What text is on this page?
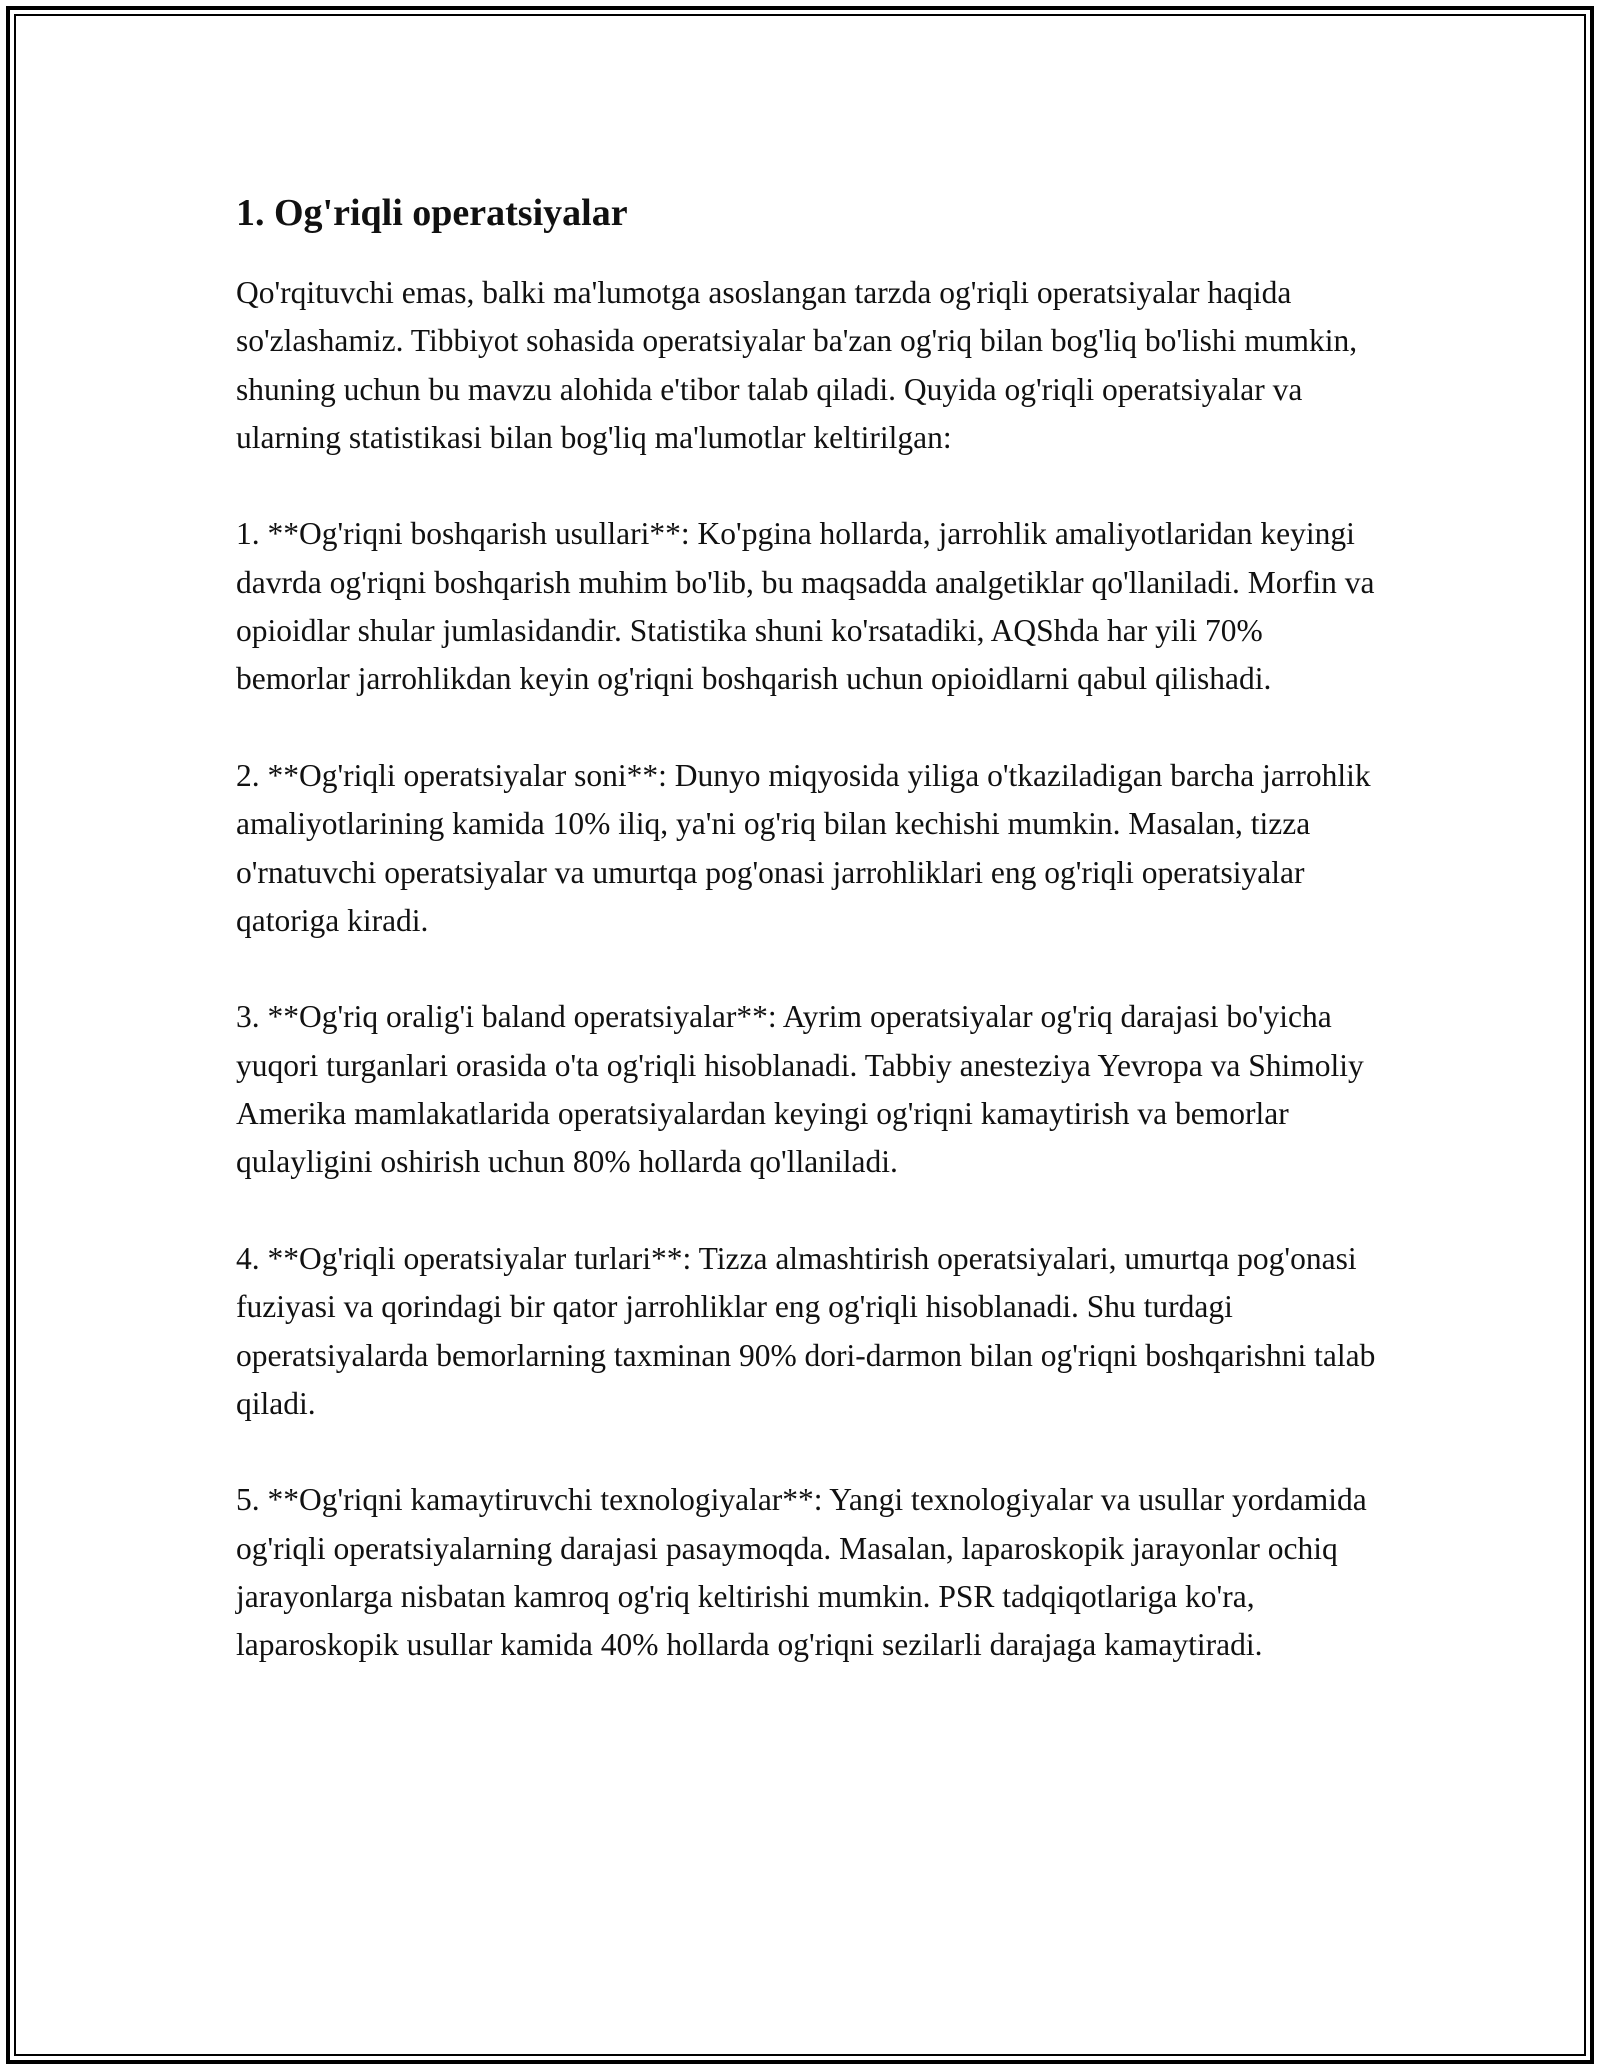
1. Og'riqli operatsiyalar

Qo'rqituvchi emas, balki ma'lumotga asoslangan tarzda og'riqli operatsiyalar haqida so'zlashamiz. Tibbiyot sohasida operatsiyalar ba'zan og'riq bilan bog'liq bo'lishi mumkin, shuning uchun bu mavzu alohida e'tibor talab qiladi. Quyida og'riqli operatsiyalar va ularning statistikasi bilan bog'liq ma'lumotlar keltirilgan:

1. **Og'riqni boshqarish usullari**: Ko'pgina hollarda, jarrohlik amaliyotlaridan keyingi davrda og'riqni boshqarish muhim bo'lib, bu maqsadda analgetiklar qo'llaniladi. Morfin va opioidlar shular jumlasidandir. Statistika shuni ko'rsatadiki, AQShda har yili 70% bemorlar jarrohlikdan keyin og'riqni boshqarish uchun opioidlarni qabul qilishadi.

2. **Og'riqli operatsiyalar soni**: Dunyo miqyosida yiliga o'tkaziladigan barcha jarrohlik amaliyotlarining kamida 10% iliq, ya'ni og'riq bilan kechishi mumkin. Masalan, tizza o'rnatuvchi operatsiyalar va umurtqa pog'onasi jarrohliklari eng og'riqli operatsiyalar qatoriga kiradi.

3. **Og'riq oralig'i baland operatsiyalar**: Ayrim operatsiyalar og'riq darajasi bo'yicha yuqori turganlari orasida o'ta og'riqli hisoblanadi. Tabbiy anesteziya Yevropa va Shimoliy Amerika mamlakatlarida operatsiyalardan keyingi og'riqni kamaytirish va bemorlar qulayligini oshirish uchun 80% hollarda qo'llaniladi.

4. **Og'riqli operatsiyalar turlari**: Tizza almashtirish operatsiyalari, umurtqa pog'onasi fuziyasi va qorindagi bir qator jarrohliklar eng og'riqli hisoblanadi. Shu turdagi operatsiyalarda bemorlarning taxminan 90% dori-darmon bilan og'riqni boshqarishni talab qiladi.

5. **Og'riqni kamaytiruvchi texnologiyalar**: Yangi texnologiyalar va usullar yordamida og'riqli operatsiyalarning darajasi pasaymoqda. Masalan, laparoskopik jarayonlar ochiq jarayonlarga nisbatan kamroq og'riq keltirishi mumkin. PSR tadqiqotlariga ko'ra, laparoskopik usullar kamida 40% hollarda og'riqni sezilarli darajaga kamaytiradi.
